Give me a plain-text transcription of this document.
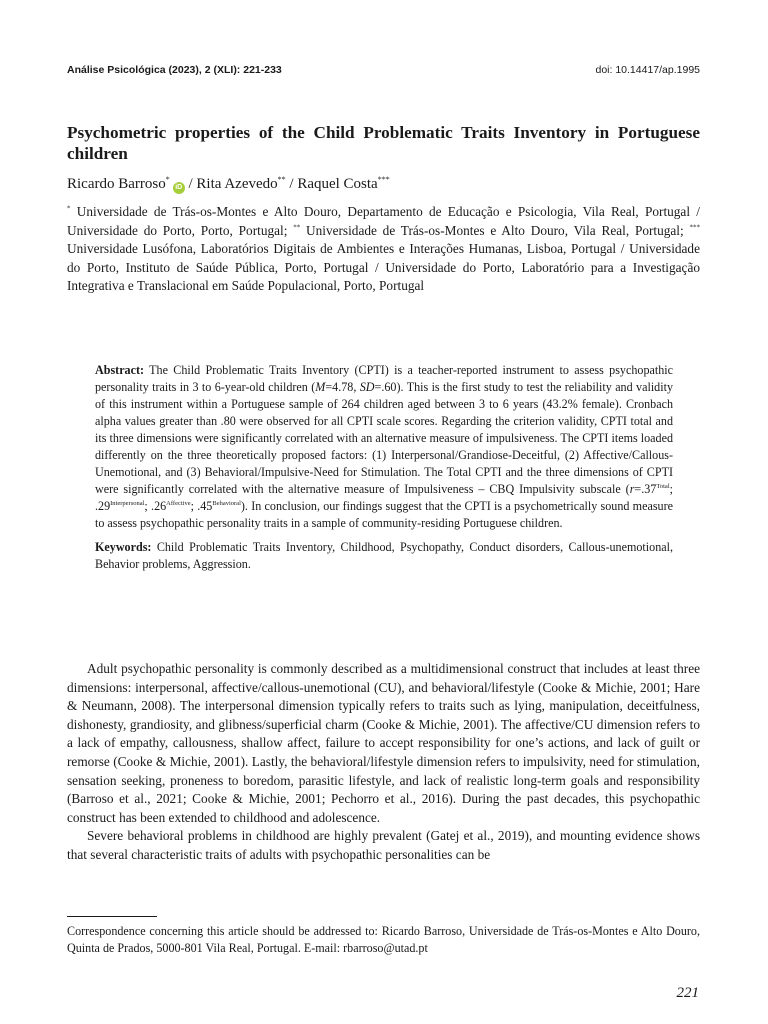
Análise Psicológica (2023), 2 (XLI): 221-233	doi: 10.14417/ap.1995
Psychometric properties of the Child Problematic Traits Inventory in Portuguese children
Ricardo Barroso*iD / Rita Azevedo** / Raquel Costa***
* Universidade de Trás-os-Montes e Alto Douro, Departamento de Educação e Psicologia, Vila Real, Portugal / Universidade do Porto, Porto, Portugal; ** Universidade de Trás-os-Montes e Alto Douro, Vila Real, Portugal; *** Universidade Lusófona, Laboratórios Digitais de Ambientes e Interações Humanas, Lisboa, Portugal / Universidade do Porto, Instituto de Saúde Pública, Porto, Portugal / Universidade do Porto, Laboratório para a Investigação Integrativa e Translacional em Saúde Populacional, Porto, Portugal
Abstract: The Child Problematic Traits Inventory (CPTI) is a teacher-reported instrument to assess psychopathic personality traits in 3 to 6-year-old children (M=4.78, SD=.60). This is the first study to test the reliability and validity of this instrument within a Portuguese sample of 264 children aged between 3 to 6 years (43.2% female). Cronbach alpha values greater than .80 were observed for all CPTI scale scores. Regarding the criterion validity, CPTI total and its three dimensions were significantly correlated with an alternative measure of impulsiveness. The CPTI items loaded differently on the three theoretically proposed factors: (1) Interpersonal/Grandiose-Deceitful, (2) Affective/Callous-Unemotional, and (3) Behavioral/Impulsive-Need for Stimulation. The Total CPTI and the three dimensions of CPTI were significantly correlated with the alternative measure of Impulsiveness – CBQ Impulsivity subscale ($r=.37^{Total}$; $.29^{Interpersonal}$; $.26^{Affective}$; $.45^{Behavioral}$). In conclusion, our findings suggest that the CPTI is a psychometrically sound measure to assess psychopathic personality traits in a sample of community-residing Portuguese children.
Keywords: Child Problematic Traits Inventory, Childhood, Psychopathy, Conduct disorders, Callous-unemotional, Behavior problems, Aggression.

Adult psychopathic personality is commonly described as a multidimensional construct that includes at least three dimensions: interpersonal, affective/callous-unemotional (CU), and behavioral/lifestyle (Cooke & Michie, 2001; Hare & Neumann, 2008). The interpersonal dimension typically refers to traits such as lying, manipulation, deceitfulness, dishonesty, grandiosity, and glibness/superficial charm (Cooke & Michie, 2001). The affective/CU dimension refers to a lack of empathy, callousness, shallow affect, failure to accept responsibility for one’s actions, and lack of guilt or remorse (Cooke & Michie, 2001). Lastly, the behavioral/lifestyle dimension refers to impulsivity, need for stimulation, sensation seeking, proneness to boredom, parasitic lifestyle, and lack of realistic long-term goals and responsibility (Barroso et al., 2021; Cooke & Michie, 2001; Pechorro et al., 2016). During the past decades, this psychopathic construct has been extended to childhood and adolescence.

Severe behavioral problems in childhood are highly prevalent (Gatej et al., 2019), and mounting evidence shows that several characteristic traits of adults with psychopathic personalities can be

Correspondence concerning this article should be addressed to: Ricardo Barroso, Universidade de Trás-os-Montes e Alto Douro, Quinta de Prados, 5000-801 Vila Real, Portugal. E-mail: rbarroso@utad.pt
221
